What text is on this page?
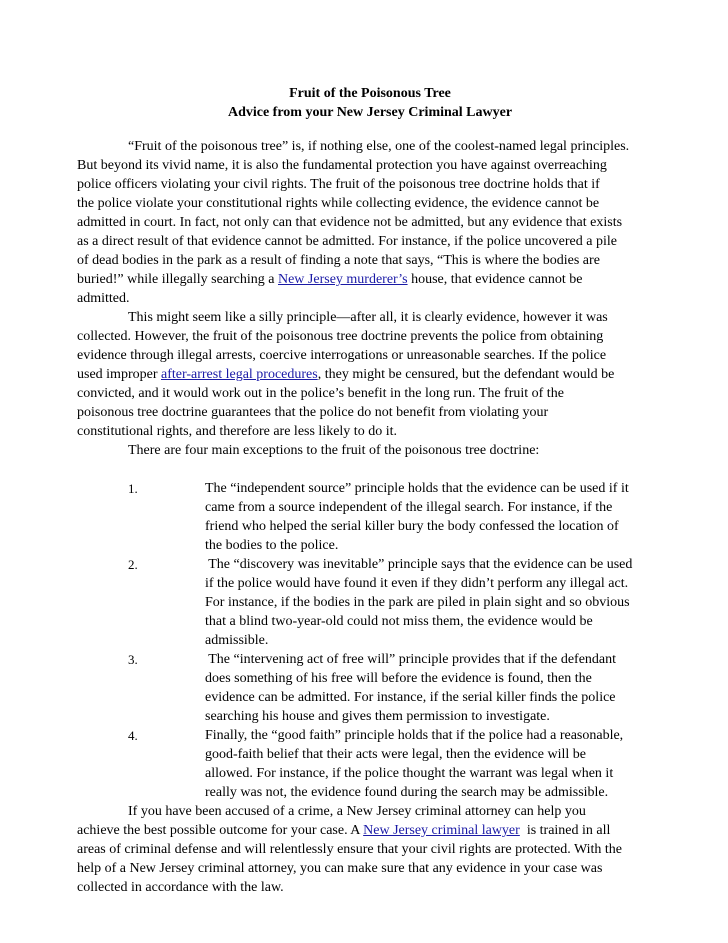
Fruit of the Poisonous Tree
Advice from your New Jersey Criminal Lawyer
“Fruit of the poisonous tree” is, if nothing else, one of the coolest-named legal principles.
But beyond its vivid name, it is also the fundamental protection you have against overreaching
police officers violating your civil rights. The fruit of the poisonous tree doctrine holds that if
the police violate your constitutional rights while collecting evidence, the evidence cannot be
admitted in court. In fact, not only can that evidence not be admitted, but any evidence that exists
as a direct result of that evidence cannot be admitted. For instance, if the police uncovered a pile
of dead bodies in the park as a result of finding a note that says, “This is where the bodies are
buried!” while illegally searching a New Jersey murderer’s house, that evidence cannot be
admitted.
This might seem like a silly principle—after all, it is clearly evidence, however it was
collected. However, the fruit of the poisonous tree doctrine prevents the police from obtaining
evidence through illegal arrests, coercive interrogations or unreasonable searches. If the police
used improper after-arrest legal procedures, they might be censured, but the defendant would be
convicted, and it would work out in the police’s benefit in the long run. The fruit of the
poisonous tree doctrine guarantees that the police do not benefit from violating your
constitutional rights, and therefore are less likely to do it.
There are four main exceptions to the fruit of the poisonous tree doctrine:
1.	The “independent source” principle holds that the evidence can be used if it
came from a source independent of the illegal search. For instance, if the
friend who helped the serial killer bury the body confessed the location of
the bodies to the police.
2.	The “discovery was inevitable” principle says that the evidence can be used
if the police would have found it even if they didn’t perform any illegal act.
For instance, if the bodies in the park are piled in plain sight and so obvious
that a blind two-year-old could not miss them, the evidence would be
admissible.
3.	The “intervening act of free will” principle provides that if the defendant
does something of his free will before the evidence is found, then the
evidence can be admitted. For instance, if the serial killer finds the police
searching his house and gives them permission to investigate.
4.	Finally, the “good faith” principle holds that if the police had a reasonable,
good-faith belief that their acts were legal, then the evidence will be
allowed. For instance, if the police thought the warrant was legal when it
really was not, the evidence found during the search may be admissible.
If you have been accused of a crime, a New Jersey criminal attorney can help you
achieve the best possible outcome for your case. A New Jersey criminal lawyer  is trained in all
areas of criminal defense and will relentlessly ensure that your civil rights are protected. With the
help of a New Jersey criminal attorney, you can make sure that any evidence in your case was
collected in accordance with the law.
